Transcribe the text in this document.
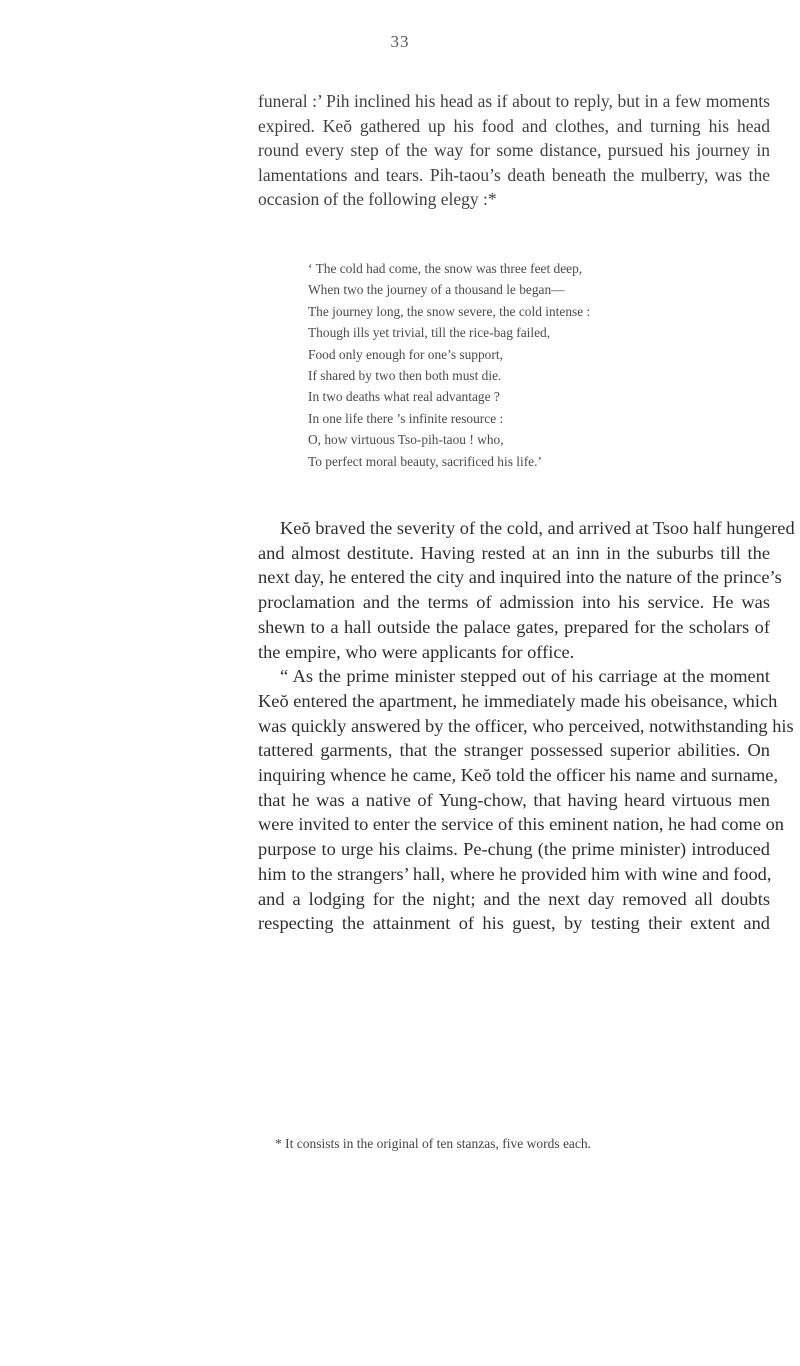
33
funeral :’ Pih inclined his head as if about to reply, but in a few moments
expired. Keŏ gathered up his food and clothes, and turning his head
round every step of the way for some distance, pursued his journey in
lamentations and tears. Pih-taou’s death beneath the mulberry, was the
occasion of the following elegy :*
‘ The cold had come, the snow was three feet deep,
When two the journey of a thousand le began—
The journey long, the snow severe, the cold intense :
Though ills yet trivial, till the rice-bag failed,
Food only enough for one’s support,
If shared by two then both must die.
In two deaths what real advantage ?
In one life there ’s infinite resource :
O, how virtuous Tso-pih-taou ! who,
To perfect moral beauty, sacrificed his life.’
Keŏ braved the severity of the cold, and arrived at Tsoo half hungered
and almost destitute. Having rested at an inn in the suburbs till the
next day, he entered the city and inquired into the nature of the prince’s
proclamation and the terms of admission into his service. He was
shewn to a hall outside the palace gates, prepared for the scholars of
the empire, who were applicants for office.
“ As the prime minister stepped out of his carriage at the moment
Keŏ entered the apartment, he immediately made his obeisance, which
was quickly answered by the officer, who perceived, notwithstanding his
tattered garments, that the stranger possessed superior abilities. On
inquiring whence he came, Keŏ told the officer his name and surname,
that he was a native of Yung-chow, that having heard virtuous men
were invited to enter the service of this eminent nation, he had come on
purpose to urge his claims. Pe-chung (the prime minister) introduced
him to the strangers’ hall, where he provided him with wine and food,
and a lodging for the night; and the next day removed all doubts
respecting the attainment of his guest, by testing their extent and
* It consists in the original of ten stanzas, five words each.
